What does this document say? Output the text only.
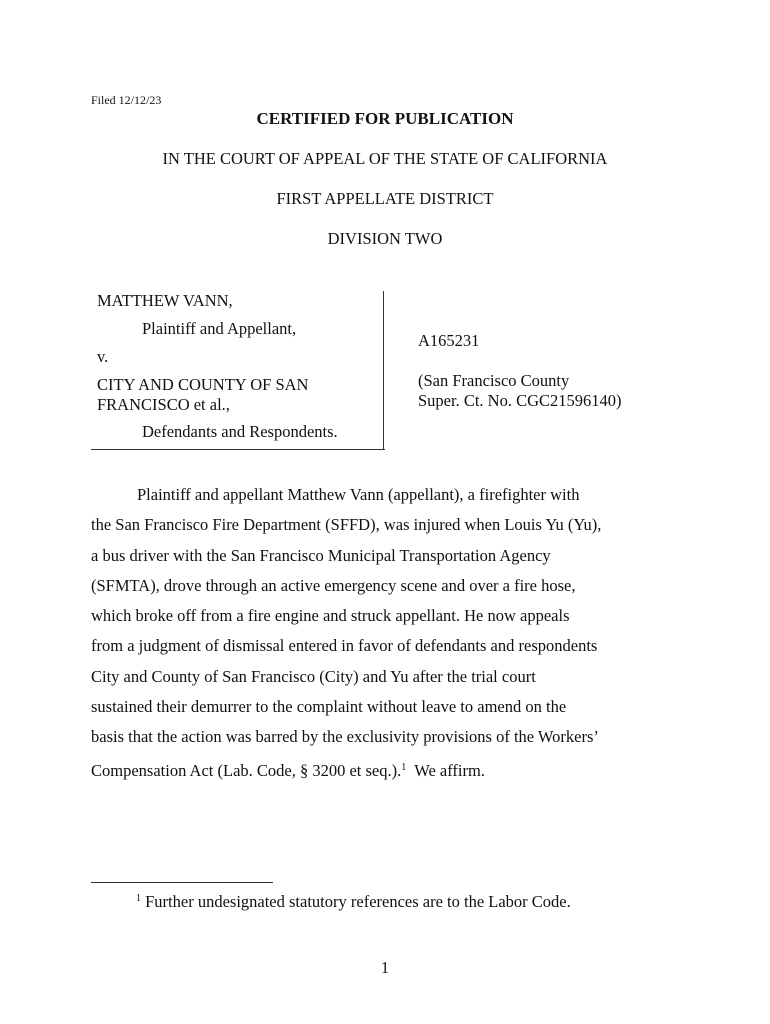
Filed 12/12/23
CERTIFIED FOR PUBLICATION
IN THE COURT OF APPEAL OF THE STATE OF CALIFORNIA
FIRST APPELLATE DISTRICT
DIVISION TWO
MATTHEW VANN,
Plaintiff and Appellant,
v.
CITY AND COUNTY OF SAN
FRANCISCO et al.,
Defendants and Respondents.
A165231
(San Francisco County
Super. Ct. No. CGC21596140)
Plaintiff and appellant Matthew Vann (appellant), a firefighter with
the San Francisco Fire Department (SFFD), was injured when Louis Yu (Yu),
a bus driver with the San Francisco Municipal Transportation Agency
(SFMTA), drove through an active emergency scene and over a fire hose,
which broke off from a fire engine and struck appellant. He now appeals
from a judgment of dismissal entered in favor of defendants and respondents
City and County of San Francisco (City) and Yu after the trial court
sustained their demurrer to the complaint without leave to amend on the
basis that the action was barred by the exclusivity provisions of the Workers’
Compensation Act (Lab. Code, § 3200 et seq.).$^1$  We affirm.
$^1$ Further undesignated statutory references are to the Labor Code.
1
